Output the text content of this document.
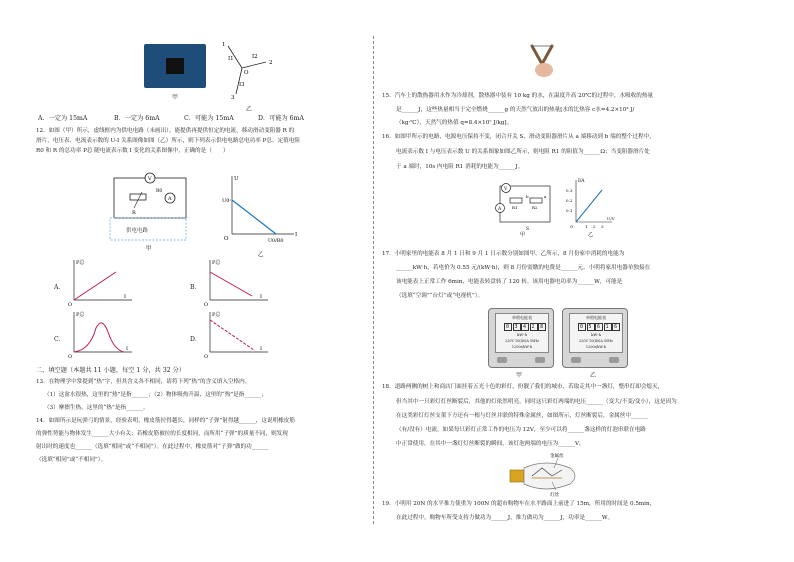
甲
I1	I2
I3
1
2
3
O
乙
A．一定为 15mA	B．一定为 6mA	C．可能为 15mA	D．可能为 6mA
12．如图（甲）所示，虚线框内为供电电路（未画出），能提供再提供恒定的电流，移动滑动变阻器 R 的
滑片，电压表、电流表示数的 U-I 关系图像如图（乙）所示，则下列表示供电电路总电功率 P总、定值电阻
R0 和 R 的总功率 P总 随电流表示数 I 变化的关系图像中，正确的是（　　）
V
A
R
R0
供电电路
甲
U
U0
O
I
U0/R0
乙
A．
P总
O
I
B．
P总
O
I
C．
P总
O
I
D．
P总
O
I
二、填空题（本题共 11 小题，每空 1 分，共 32 分）
13．在物理学中常提到“热”字，但其含义各不相同，请将下列“热”的含义填入空格内。
（1）这盆水很热，这里的“热”是指______；（2）物体吸热升温，这里的“热”是指______；
（3）摩擦生热，这里的“热”是指______。
14．如图所示是玩弹弓的情景，经验表明，橡皮筋拉得越长，同样的“子弹”射得越______，这说明橡皮筋
的弹性势能与物体发生______大小有关；若橡皮筋被拉的长度相同，而所用“子弹”的质量不同，则发现
射出时的速度也______（选填“相同”或“不相同”）。在此过程中，橡皮筋对“子弹”做的功______
（选填“相同”或“不相同”）。
15．汽车上的散热器用水作为冷却剂，散热器中装有 10 kg 的水，在温度升高 20℃的过程中，水吸收的热量
是______J，这些热量相当于完全燃烧______g 的天然气放出的热量[水的比热容 c水=4.2×10³ J/
（kg·℃），天然气的热值 q=8.4×10⁷ J/kg]。
16．如图甲所示的电路，电源电压保持不变，闭合开关 S，滑动变阻器滑片从 a 端移动到 b 端的整个过程中，
电流表示数 I 与电压表示数 U 的关系图象如图乙所示，则电阻 R1 的阻值为______Ω；当变阻器滑片处
于 a 端时，10s 内电阻 R1 消耗的电能为______J。
V
A	R1
b
R2
a
S
甲
I/A
0.3
0.2
0.1
O	1 2 3
U/V
乙
17．小明家里的电能表 8 月 1 日和 9 月 1 日示数分别如图甲、乙所示，8 月份家中消耗的电能为
______kW·h，若电价为 0.55 元/(kW·h)，则 8 月份需缴的电费是______元。小明将家用电器单独接在
该电能表上正常工作 6min，电能表转盘转了 120 转，该用电器电功率为______W，可能是
（选填“空调”“台灯”或“电视机”）。
单相电能表
0 3 4 2 8
kW·h
220V 10(40)A 50Hz
1200r/kW·h
甲
单相电能表
0 5 6 1 6
kW·h
220V 10(40)A 50Hz
1200r/kW·h
乙
18．道路两侧的树上和商店门面挂着五光十色的彩灯，扮靓了我们的城市，若取走其中一盏灯，整串灯却会熄灭，
但当其中一只彩灯灯丝断裂后，其他的灯依然明亮，同时这只彩灯两端的电压______（变大/不变/变小），这是因为
在这类彩灯灯丝支架下方还有一根与灯丝并联的特殊金属丝，如图所示，灯丝断裂后，金属丝中______
（有/没有）电流。如果每只彩灯正常工作的电压为 12V，至少可以将______盏这样的灯泡串联在电路
中正常使用，在其中一盏灯灯丝断裂的瞬间，该灯泡两端的电压为______V。
金属丝
灯丝
19．小明用 20N 的水平推力使重为 100N 的超市购物车在水平路面上前进了 15m，所用的时间是 0.5min，
在此过程中，购物车所受支持力做功为______J，推力做功为______J，功率是______W。
